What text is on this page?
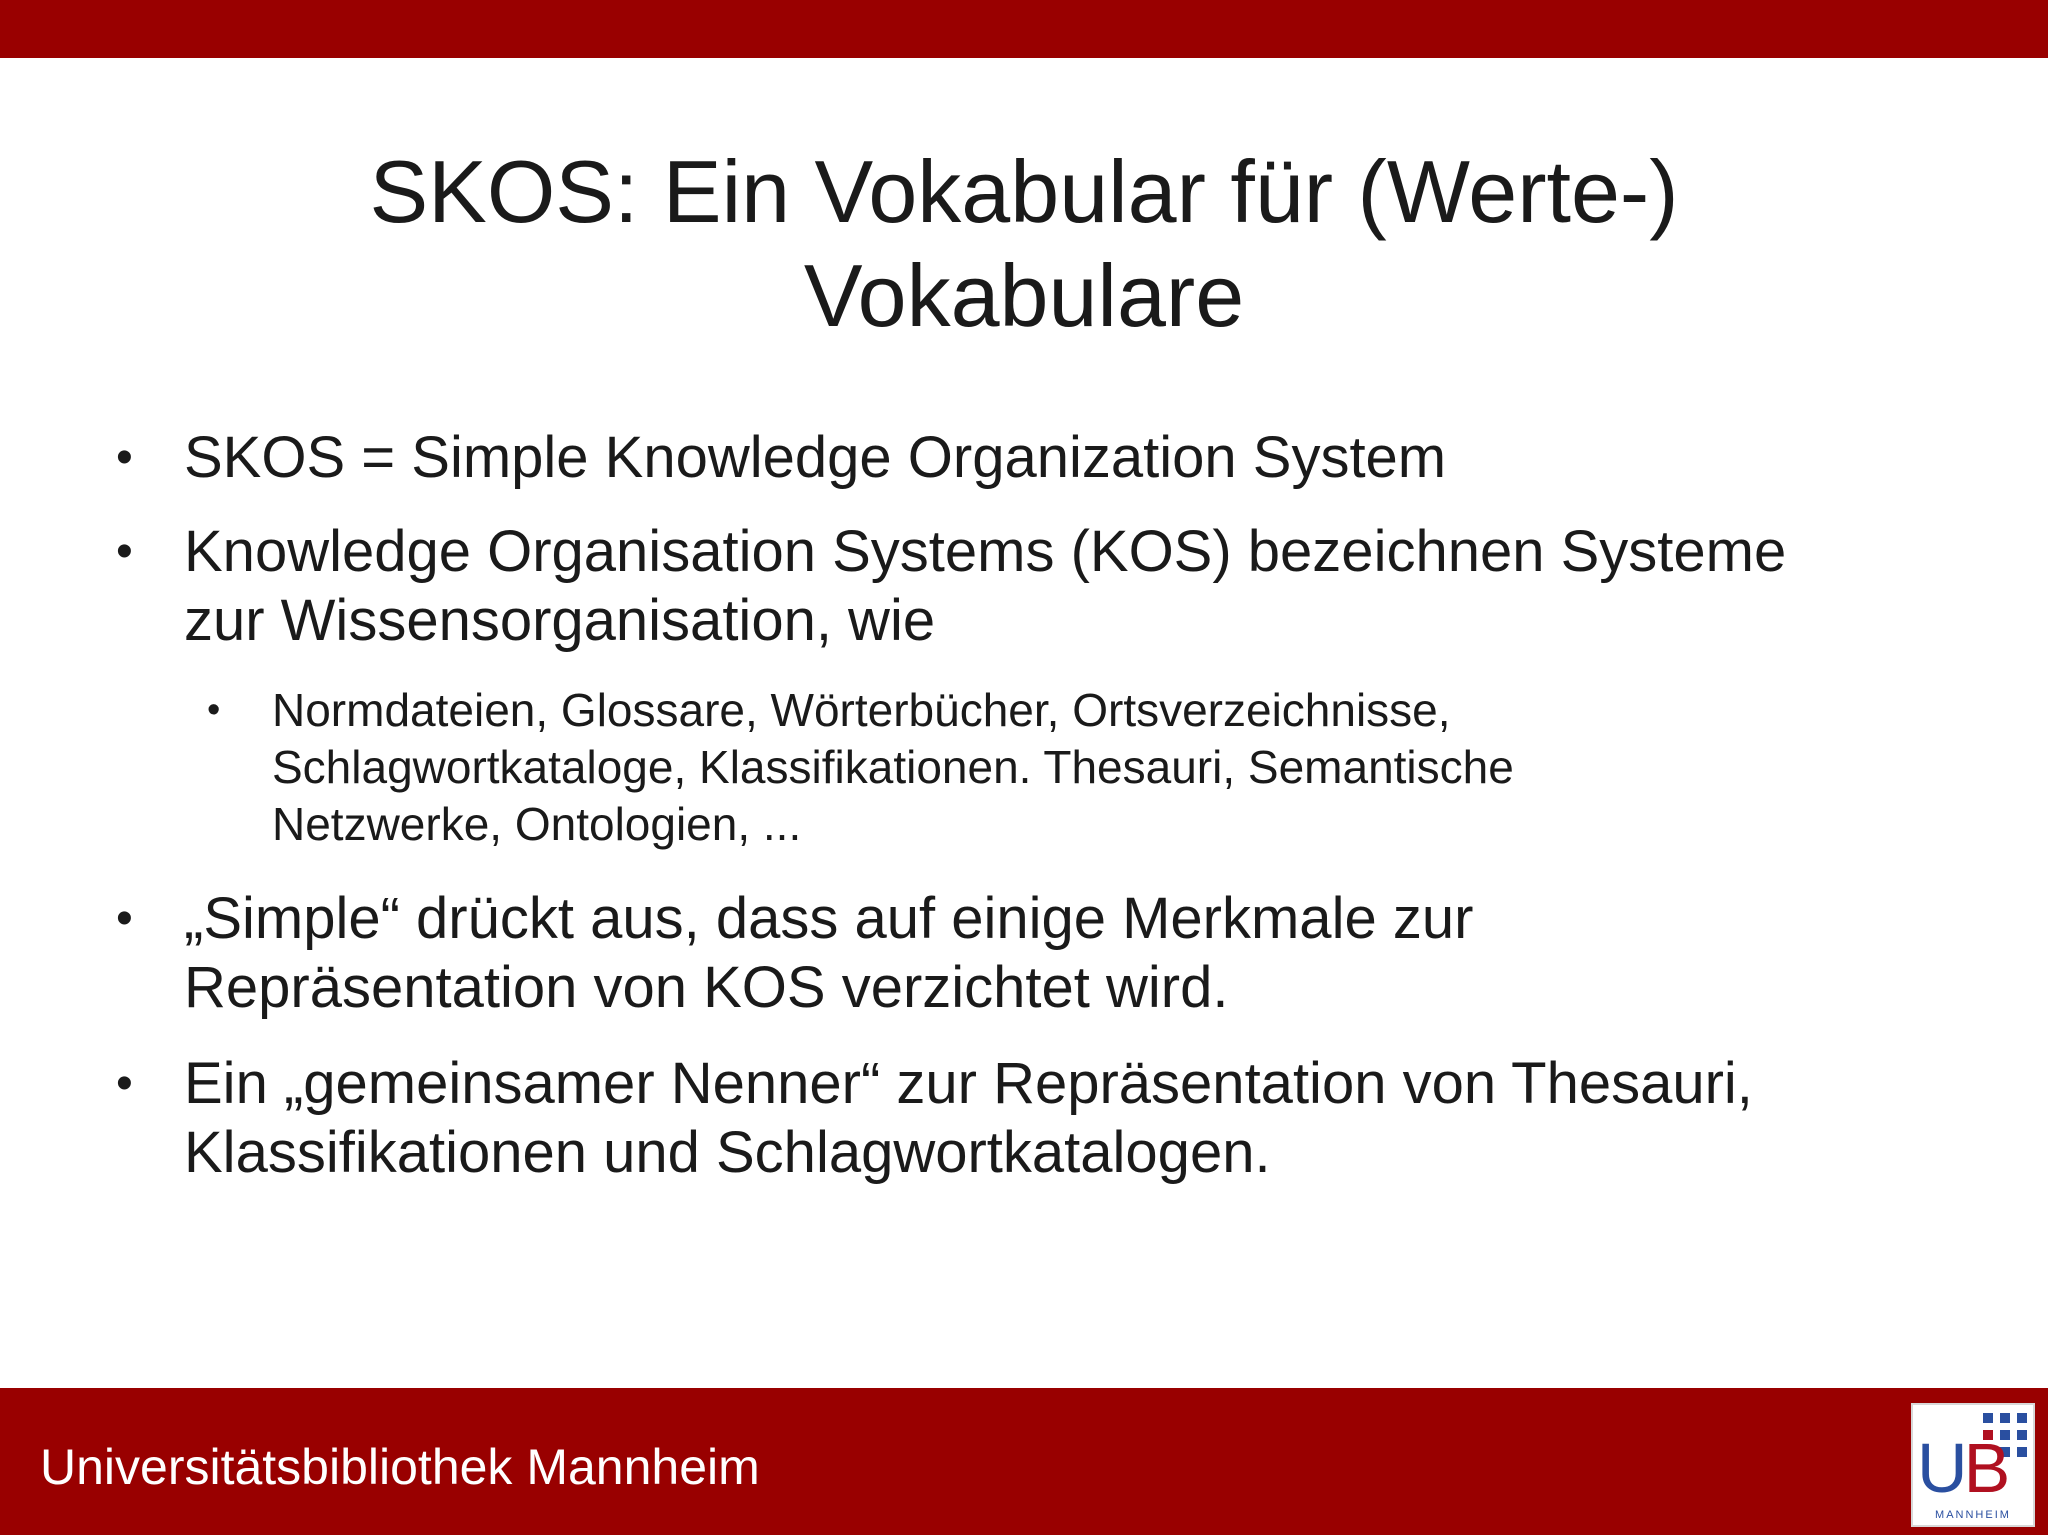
SKOS: Ein Vokabular für (Werte-)
Vokabulare
• SKOS = Simple Knowledge Organization System
• Knowledge Organisation Systems (KOS) bezeichnen Systeme
zur Wissensorganisation, wie
• Normdateien, Glossare, Wörterbücher, Ortsverzeichnisse,
Schlagwortkataloge, Klassifikationen. Thesauri, Semantische
Netzwerke, Ontologien, ...
• „Simple“ drückt aus, dass auf einige Merkmale zur
Repräsentation von KOS verzichtet wird.
• Ein „gemeinsamer Nenner“ zur Repräsentation von Thesauri,
Klassifikationen und Schlagwortkatalogen.
Universitätsbibliothek Mannheim	UB
MANNHEIM
